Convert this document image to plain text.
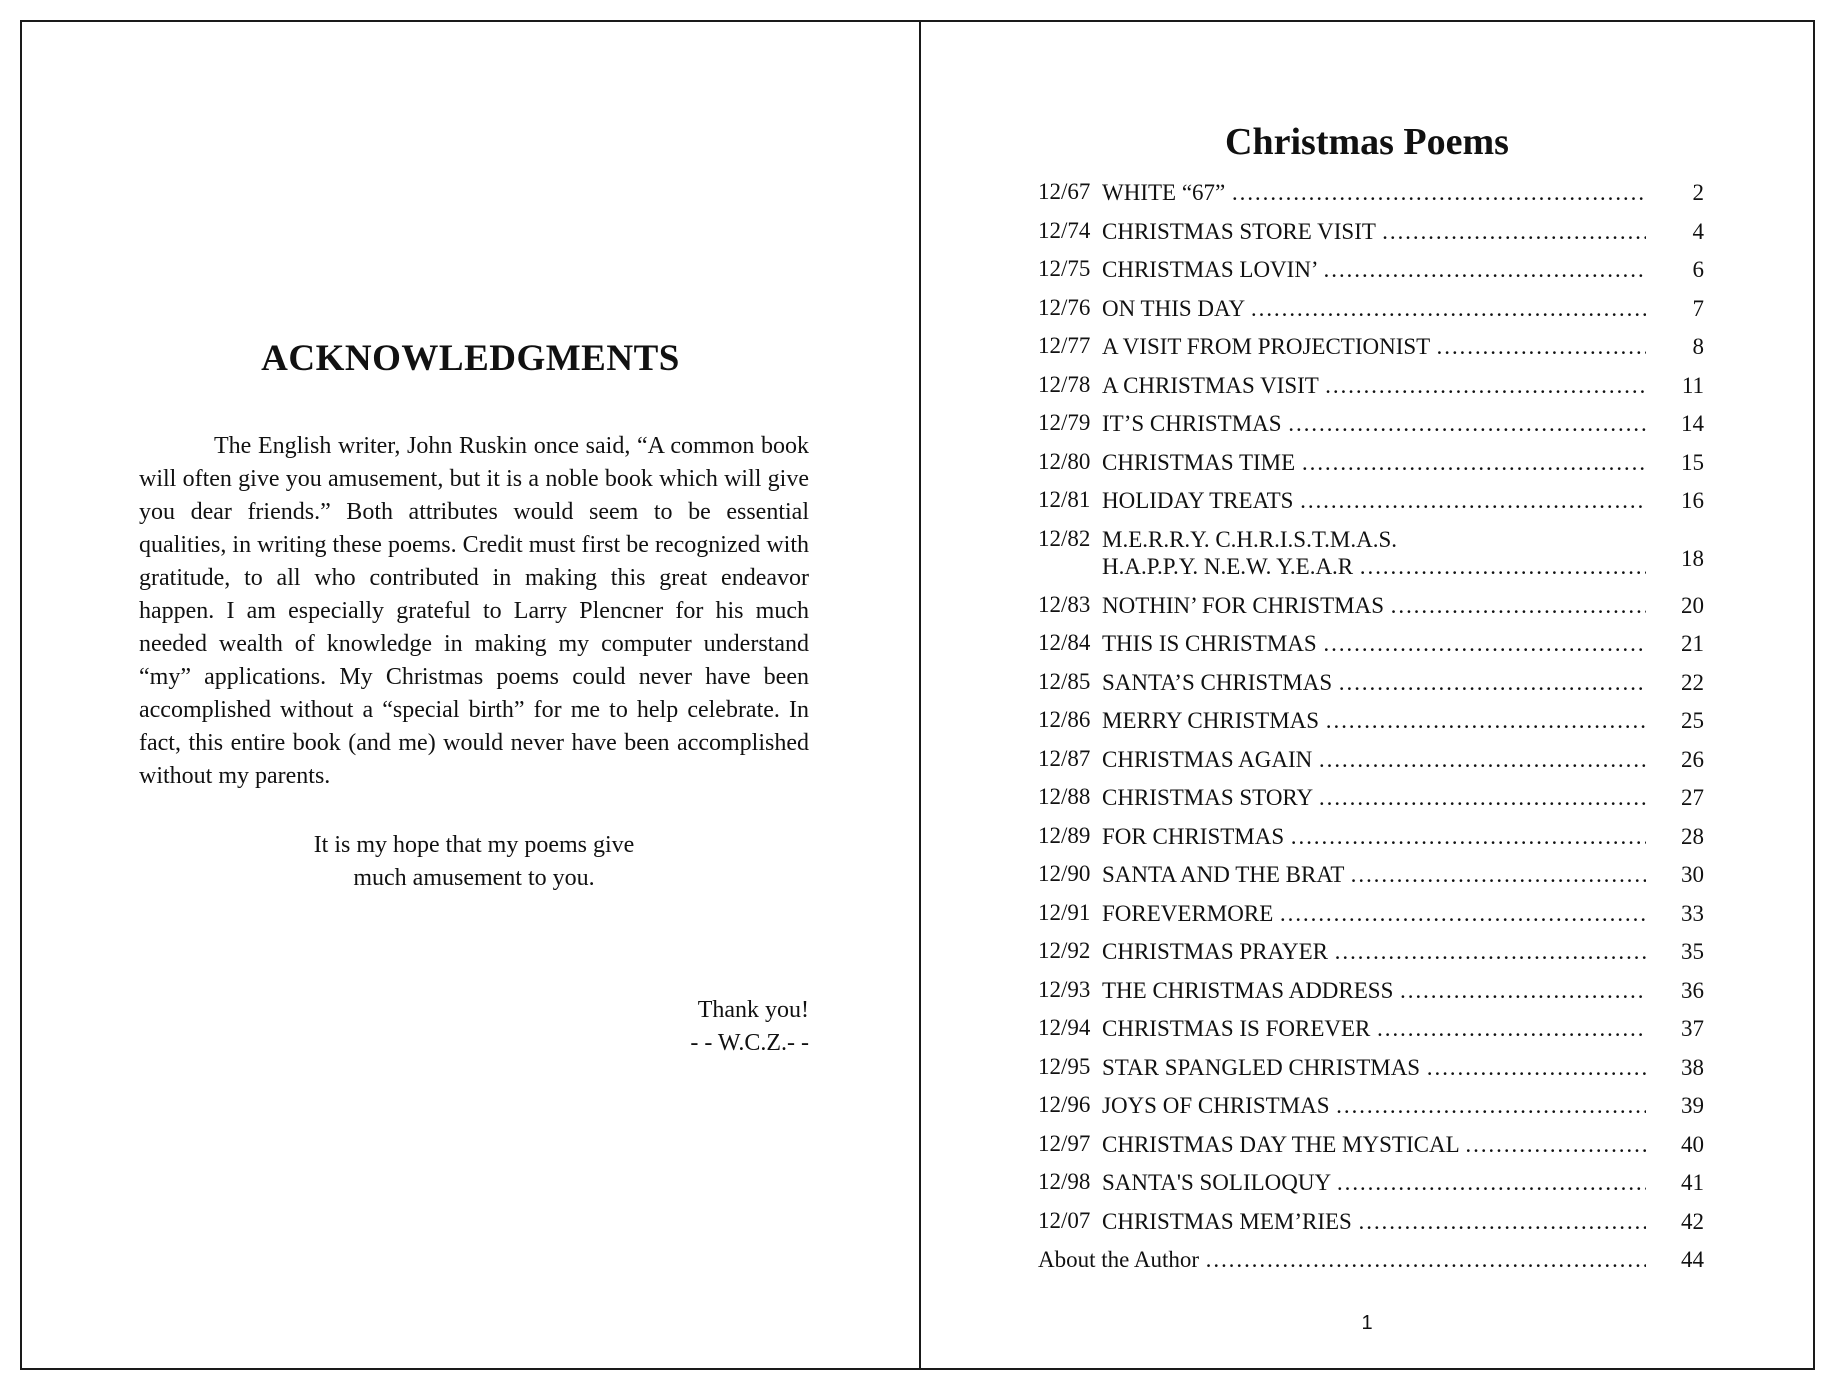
ACKNOWLEDGMENTS

The English writer, John Ruskin once said, “A common book will often give you amusement, but it is a noble book which will give you dear friends.” Both attributes would seem to be essential qualities, in writing these poems. Credit must first be recognized with gratitude, to all who contributed in making this great endeavor happen. I am especially grateful to Larry Plencner for his much needed wealth of knowledge in making my computer understand “my” applications. My Christmas poems could never have been accomplished without a “special birth” for me to help celebrate. In fact, this entire book (and me) would never have been accomplished without my parents.

It is my hope that my poems give
much amusement to you.
Thank you!
- - W.C.Z.- -
Christmas Poems
12/67 WHITE “67” ………………………………………………………………………………………………………………………………	2
12/74 CHRISTMAS STORE VISIT ………………………………………………………………………………………………………………………………	4
12/75 CHRISTMAS LOVIN’ ………………………………………………………………………………………………………………………………	6
12/76 ON THIS DAY ………………………………………………………………………………………………………………………………	7
12/77 A VISIT FROM PROJECTIONIST ………………………………………………………………………………………………………………………………	8
12/78 A CHRISTMAS VISIT ………………………………………………………………………………………………………………………………	11
12/79 IT’S CHRISTMAS ………………………………………………………………………………………………………………………………	14
12/80 CHRISTMAS TIME ………………………………………………………………………………………………………………………………	15
12/81 HOLIDAY TREATS ………………………………………………………………………………………………………………………………	16
12/82 M.E.R.R.Y. C.H.R.I.S.T.M.A.S.
H.A.P.P.Y. N.E.W. Y.E.A.R ………………………………………………………………………………………………………………………………	18
12/83 NOTHIN’ FOR CHRISTMAS ………………………………………………………………………………………………………………………………	20
12/84 THIS IS CHRISTMAS ………………………………………………………………………………………………………………………………	21
12/85 SANTA’S CHRISTMAS ………………………………………………………………………………………………………………………………	22
12/86 MERRY CHRISTMAS ………………………………………………………………………………………………………………………………	25
12/87 CHRISTMAS AGAIN ………………………………………………………………………………………………………………………………	26
12/88 CHRISTMAS STORY ………………………………………………………………………………………………………………………………	27
12/89 FOR CHRISTMAS ………………………………………………………………………………………………………………………………	28
12/90 SANTA AND THE BRAT ………………………………………………………………………………………………………………………………	30
12/91 FOREVERMORE ………………………………………………………………………………………………………………………………	33
12/92 CHRISTMAS PRAYER ………………………………………………………………………………………………………………………………	35
12/93 THE CHRISTMAS ADDRESS ………………………………………………………………………………………………………………………………	36
12/94 CHRISTMAS IS FOREVER ………………………………………………………………………………………………………………………………	37
12/95 STAR SPANGLED CHRISTMAS ………………………………………………………………………………………………………………………………	38
12/96 JOYS OF CHRISTMAS ………………………………………………………………………………………………………………………………	39
12/97 CHRISTMAS DAY THE MYSTICAL ………………………………………………………………………………………………………………………………	40
12/98 SANTA'S SOLILOQUY ………………………………………………………………………………………………………………………………	41
12/07 CHRISTMAS MEM’RIES ………………………………………………………………………………………………………………………………	42
About the Author ………………………………………………………………………………………………………………………………	44
1
